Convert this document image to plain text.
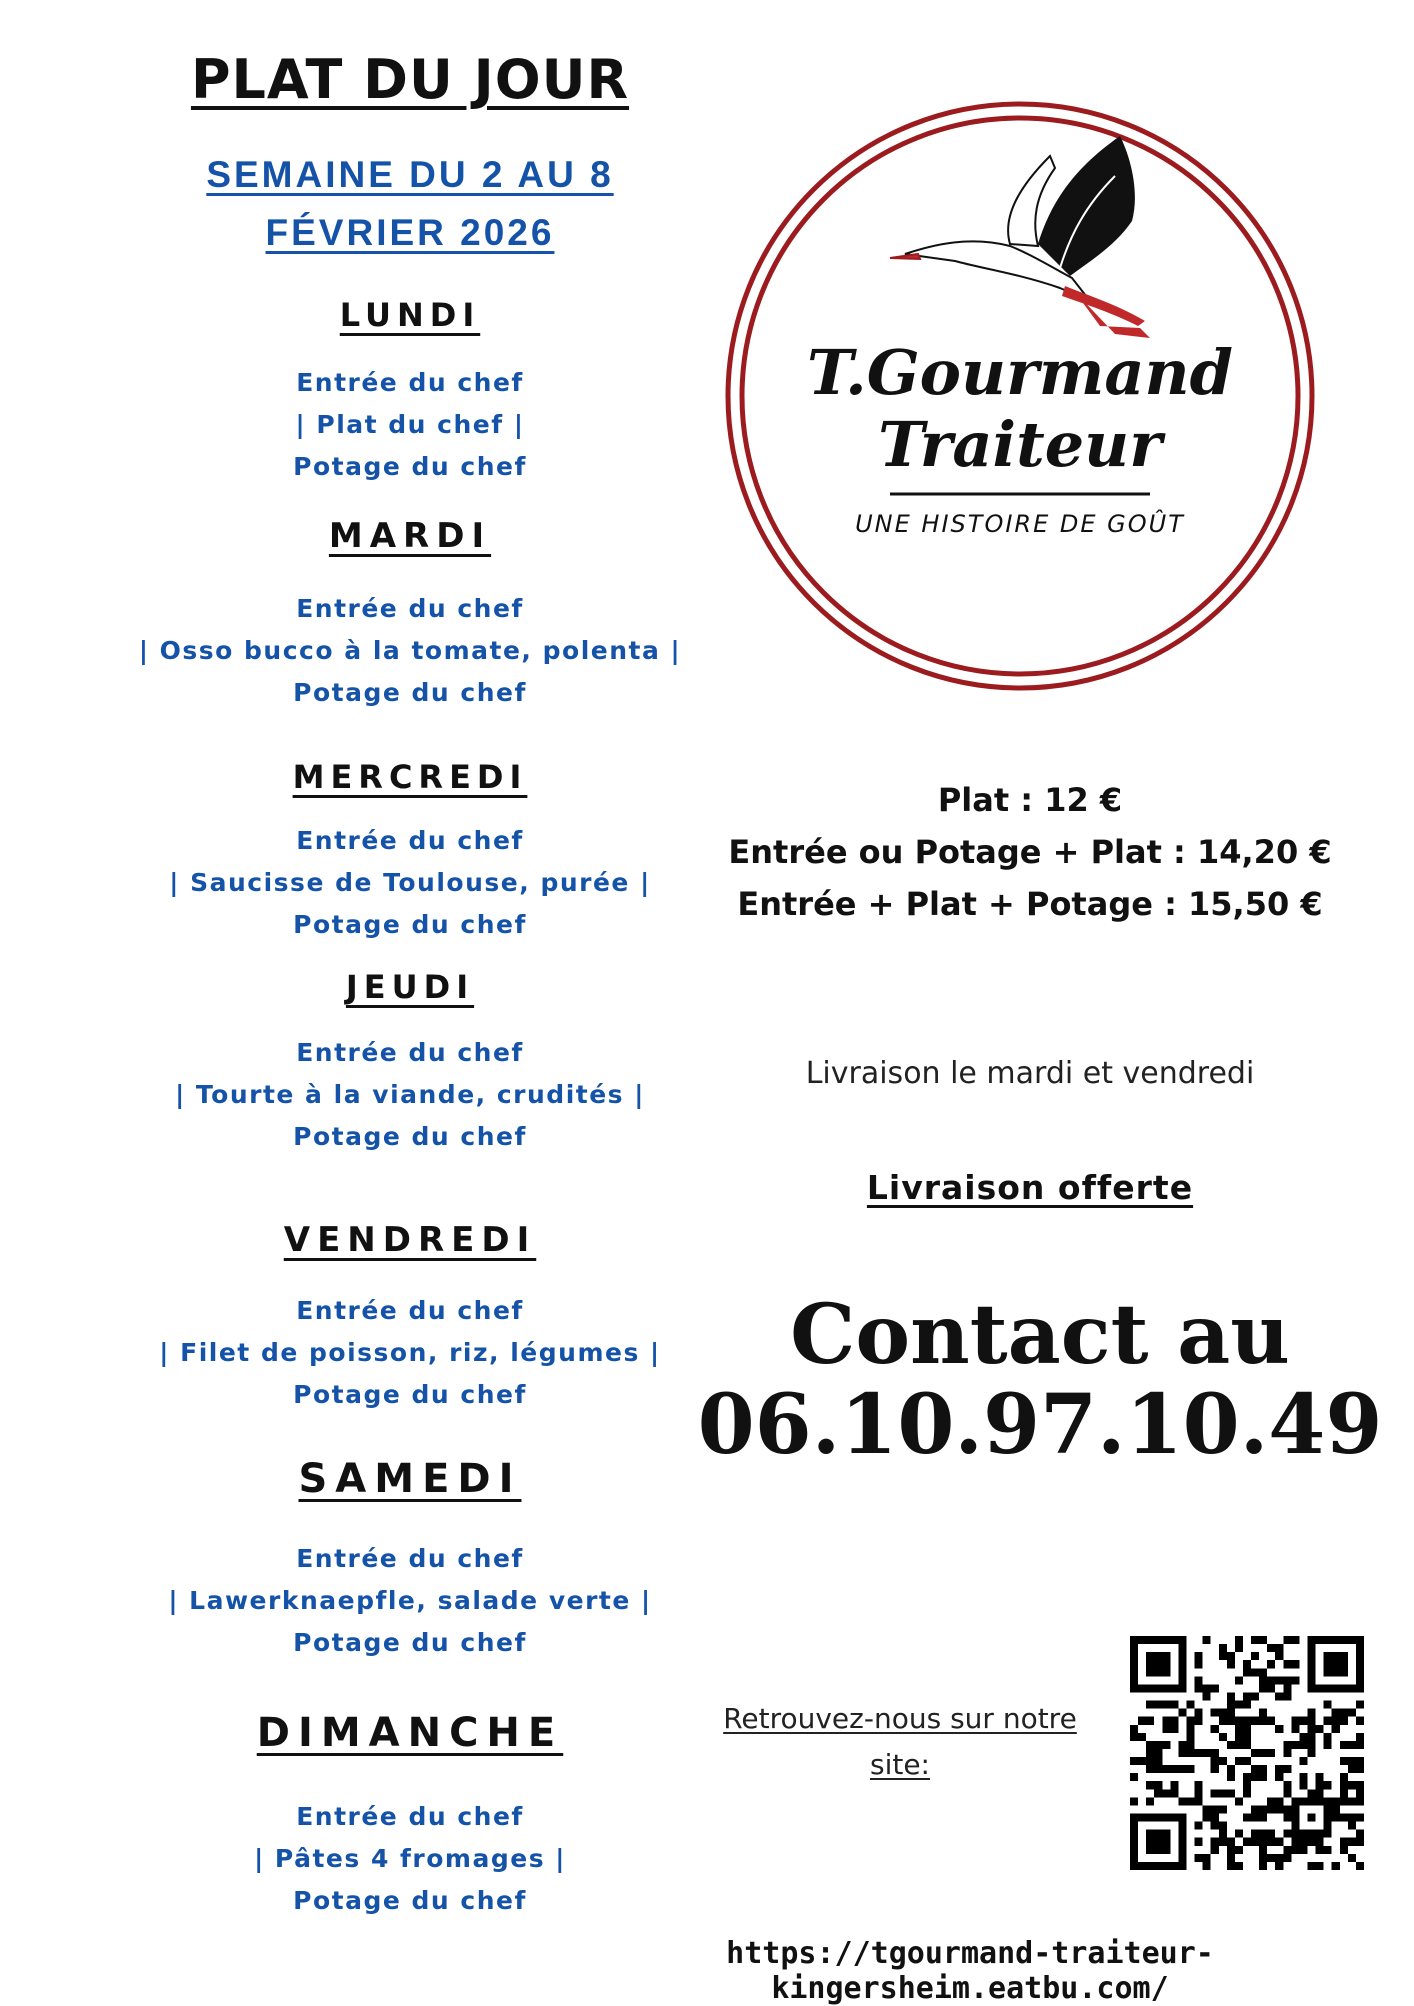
PLAT DU JOUR
SEMAINE DU 2 AU 8
FÉVRIER 2026
LUNDI
Entrée du chef
| Plat du chef |
Potage du chef
MARDI
Entrée du chef
| Osso bucco à la tomate, polenta |
Potage du chef
MERCREDI
Entrée du chef
| Saucisse de Toulouse, purée |
Potage du chef
JEUDI
Entrée du chef
| Tourte à la viande, crudités |
Potage du chef
VENDREDI
Entrée du chef
| Filet de poisson, riz, légumes |
Potage du chef
SAMEDI
Entrée du chef
| Lawerknaepfle, salade verte |
Potage du chef
DIMANCHE
Entrée du chef
| Pâtes 4 fromages |
Potage du chef
T.Gourmand
Traiteur
UNE HISTOIRE DE GOÛT
Plat : 12 €
Entrée ou Potage + Plat : 14,20 €
Entrée + Plat + Potage : 15,50 €
Livraison le mardi et vendredi
Livraison offerte
Contact au
06.10.97.10.49
Retrouvez-nous sur notre
site:
https://tgourmand-traiteur-kingersheim.eatbu.com/
